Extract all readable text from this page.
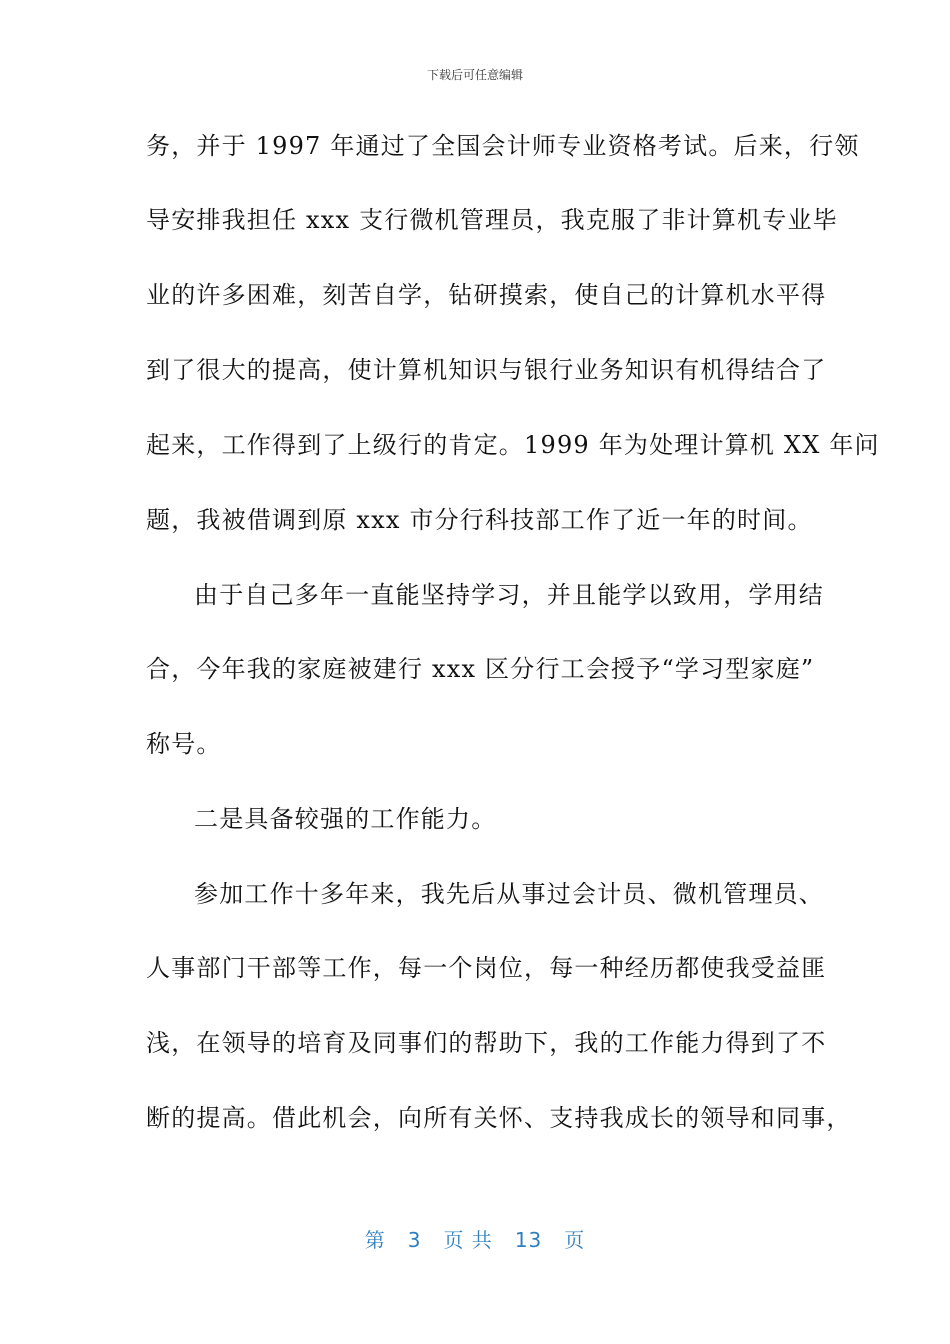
下载后可任意编辑
务，并于 1997 年通过了全国会计师专业资格考试。后来，行领
导安排我担任 xxx 支行微机管理员，我克服了非计算机专业毕
业的许多困难，刻苦自学，钻研摸索，使自己的计算机水平得
到了很大的提高，使计算机知识与银行业务知识有机得结合了
起来，工作得到了上级行的肯定。1999 年为处理计算机 XX 年问
题，我被借调到原 xxx 市分行科技部工作了近一年的时间。
由于自己多年一直能坚持学习，并且能学以致用，学用结
合，今年我的家庭被建行 xxx 区分行工会授予“学习型家庭”
称号。
二是具备较强的工作能力。
参加工作十多年来，我先后从事过会计员、微机管理员、
人事部门干部等工作，每一个岗位，每一种经历都使我受益匪
浅，在领导的培育及同事们的帮助下，我的工作能力得到了不
断的提高。借此机会，向所有关怀、支持我成长的领导和同事，
第 3 页 共 13 页
